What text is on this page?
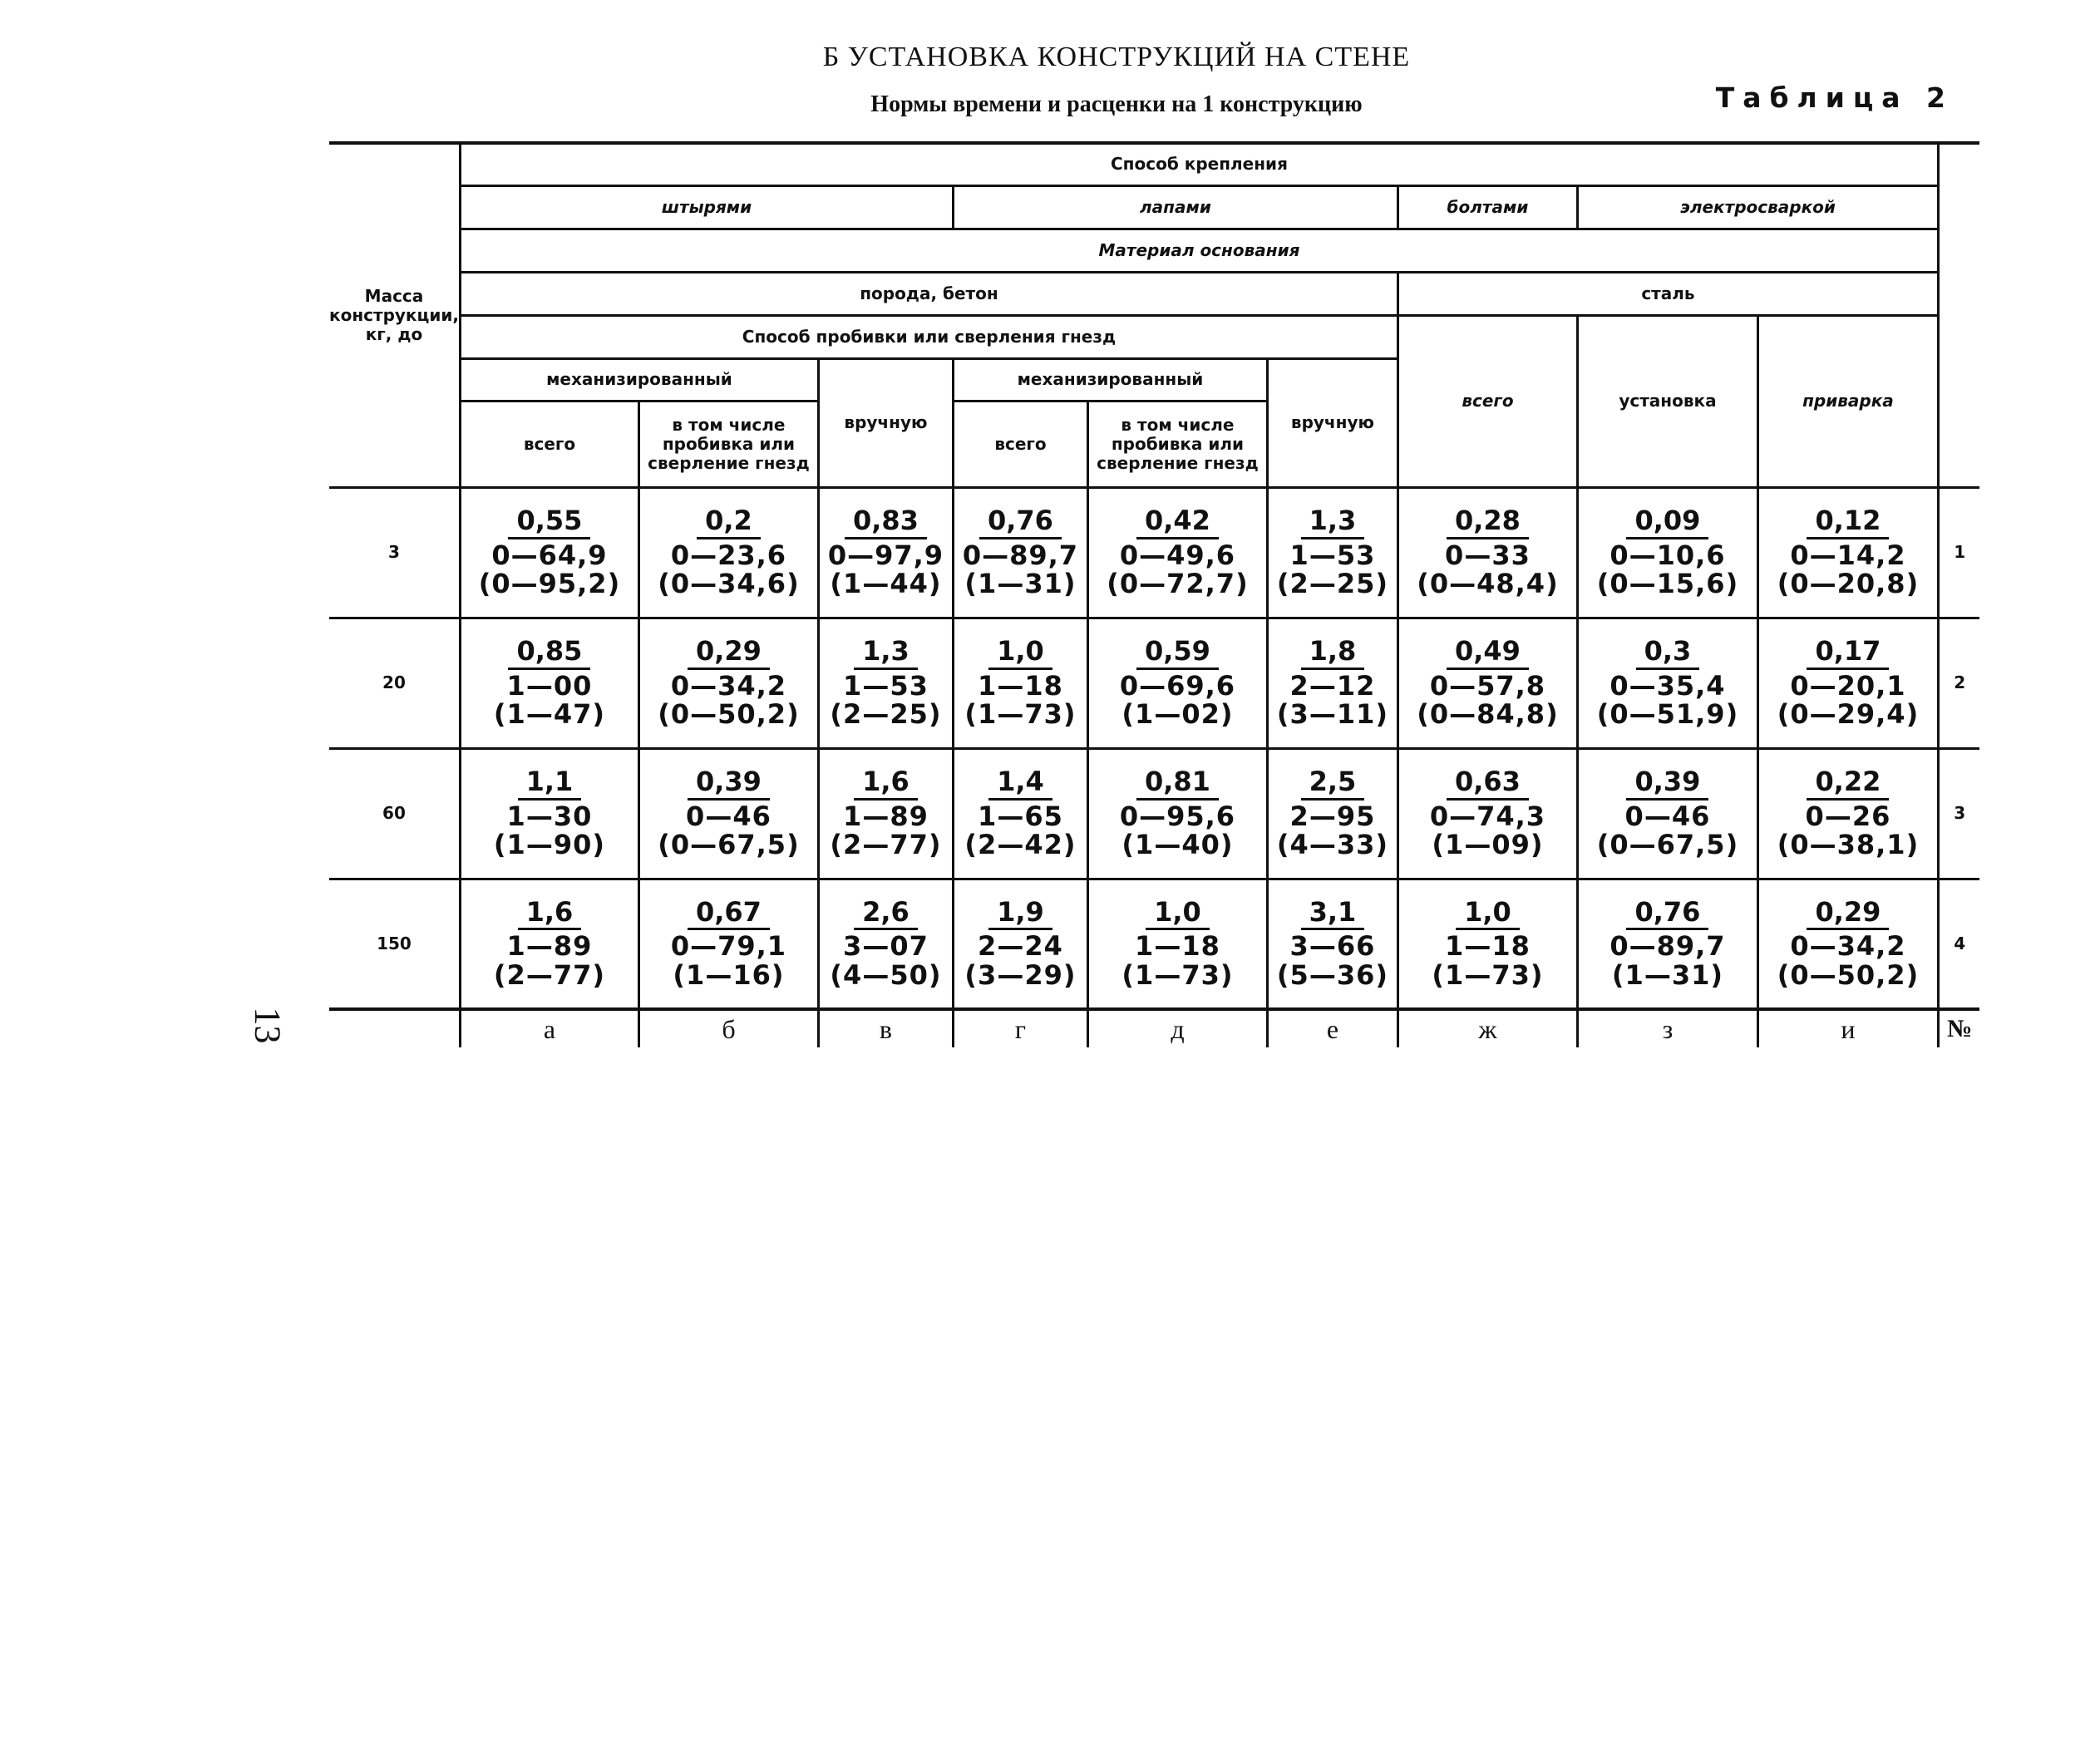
Б УСТАНОВКА КОНСТРУКЦИЙ НА СТЕНЕ
Нормы времени и расценки на 1 конструкцию	Таблица 2
13
Масса конструкции, кг, до	Способ крепления									
	штырями			лапами			болтами	электросваркой		
	Материал основания									
	порода, бетон						сталь			
	Способ пробивки или сверления гнезд						всего	установка	приварка	
	механизированный		вручную	механизированный		вручную				
	всего	в том числе пробивка или сверление гнезд		всего	в том числе пробивка или сверление гнезд					

3	0,55
0—64,9
(0—95,2)	0,2
0—23,6
(0—34,6)	0,83
0—97,9
(1—44)	0,76
0—89,7
(1—31)	0,42
0—49,6
(0—72,7)	1,3
1—53
(2—25)	0,28
0—33
(0—48,4)	0,09
0—10,6
(0—15,6)	0,12
0—14,2
(0—20,8)	1
20	0,85
1—00
(1—47)	0,29
0—34,2
(0—50,2)	1,3
1—53
(2—25)	1,0
1—18
(1—73)	0,59
0—69,6
(1—02)	1,8
2—12
(3—11)	0,49
0—57,8
(0—84,8)	0,3
0—35,4
(0—51,9)	0,17
0—20,1
(0—29,4)	2
60	1,1
1—30
(1—90)	0,39
0—46
(0—67,5)	1,6
1—89
(2—77)	1,4
1—65
(2—42)	0,81
0—95,6
(1—40)	2,5
2—95
(4—33)	0,63
0—74,3
(1—09)	0,39
0—46
(0—67,5)	0,22
0—26
(0—38,1)	3
150	1,6
1—89
(2—77)	0,67
0—79,1
(1—16)	2,6
3—07
(4—50)	1,9
2—24
(3—29)	1,0
1—18
(1—73)	3,1
3—66
(5—36)	1,0
1—18
(1—73)	0,76
0—89,7
(1—31)	0,29
0—34,2
(0—50,2)	4
	а	б	в	г	д	е	ж	з	и	№
